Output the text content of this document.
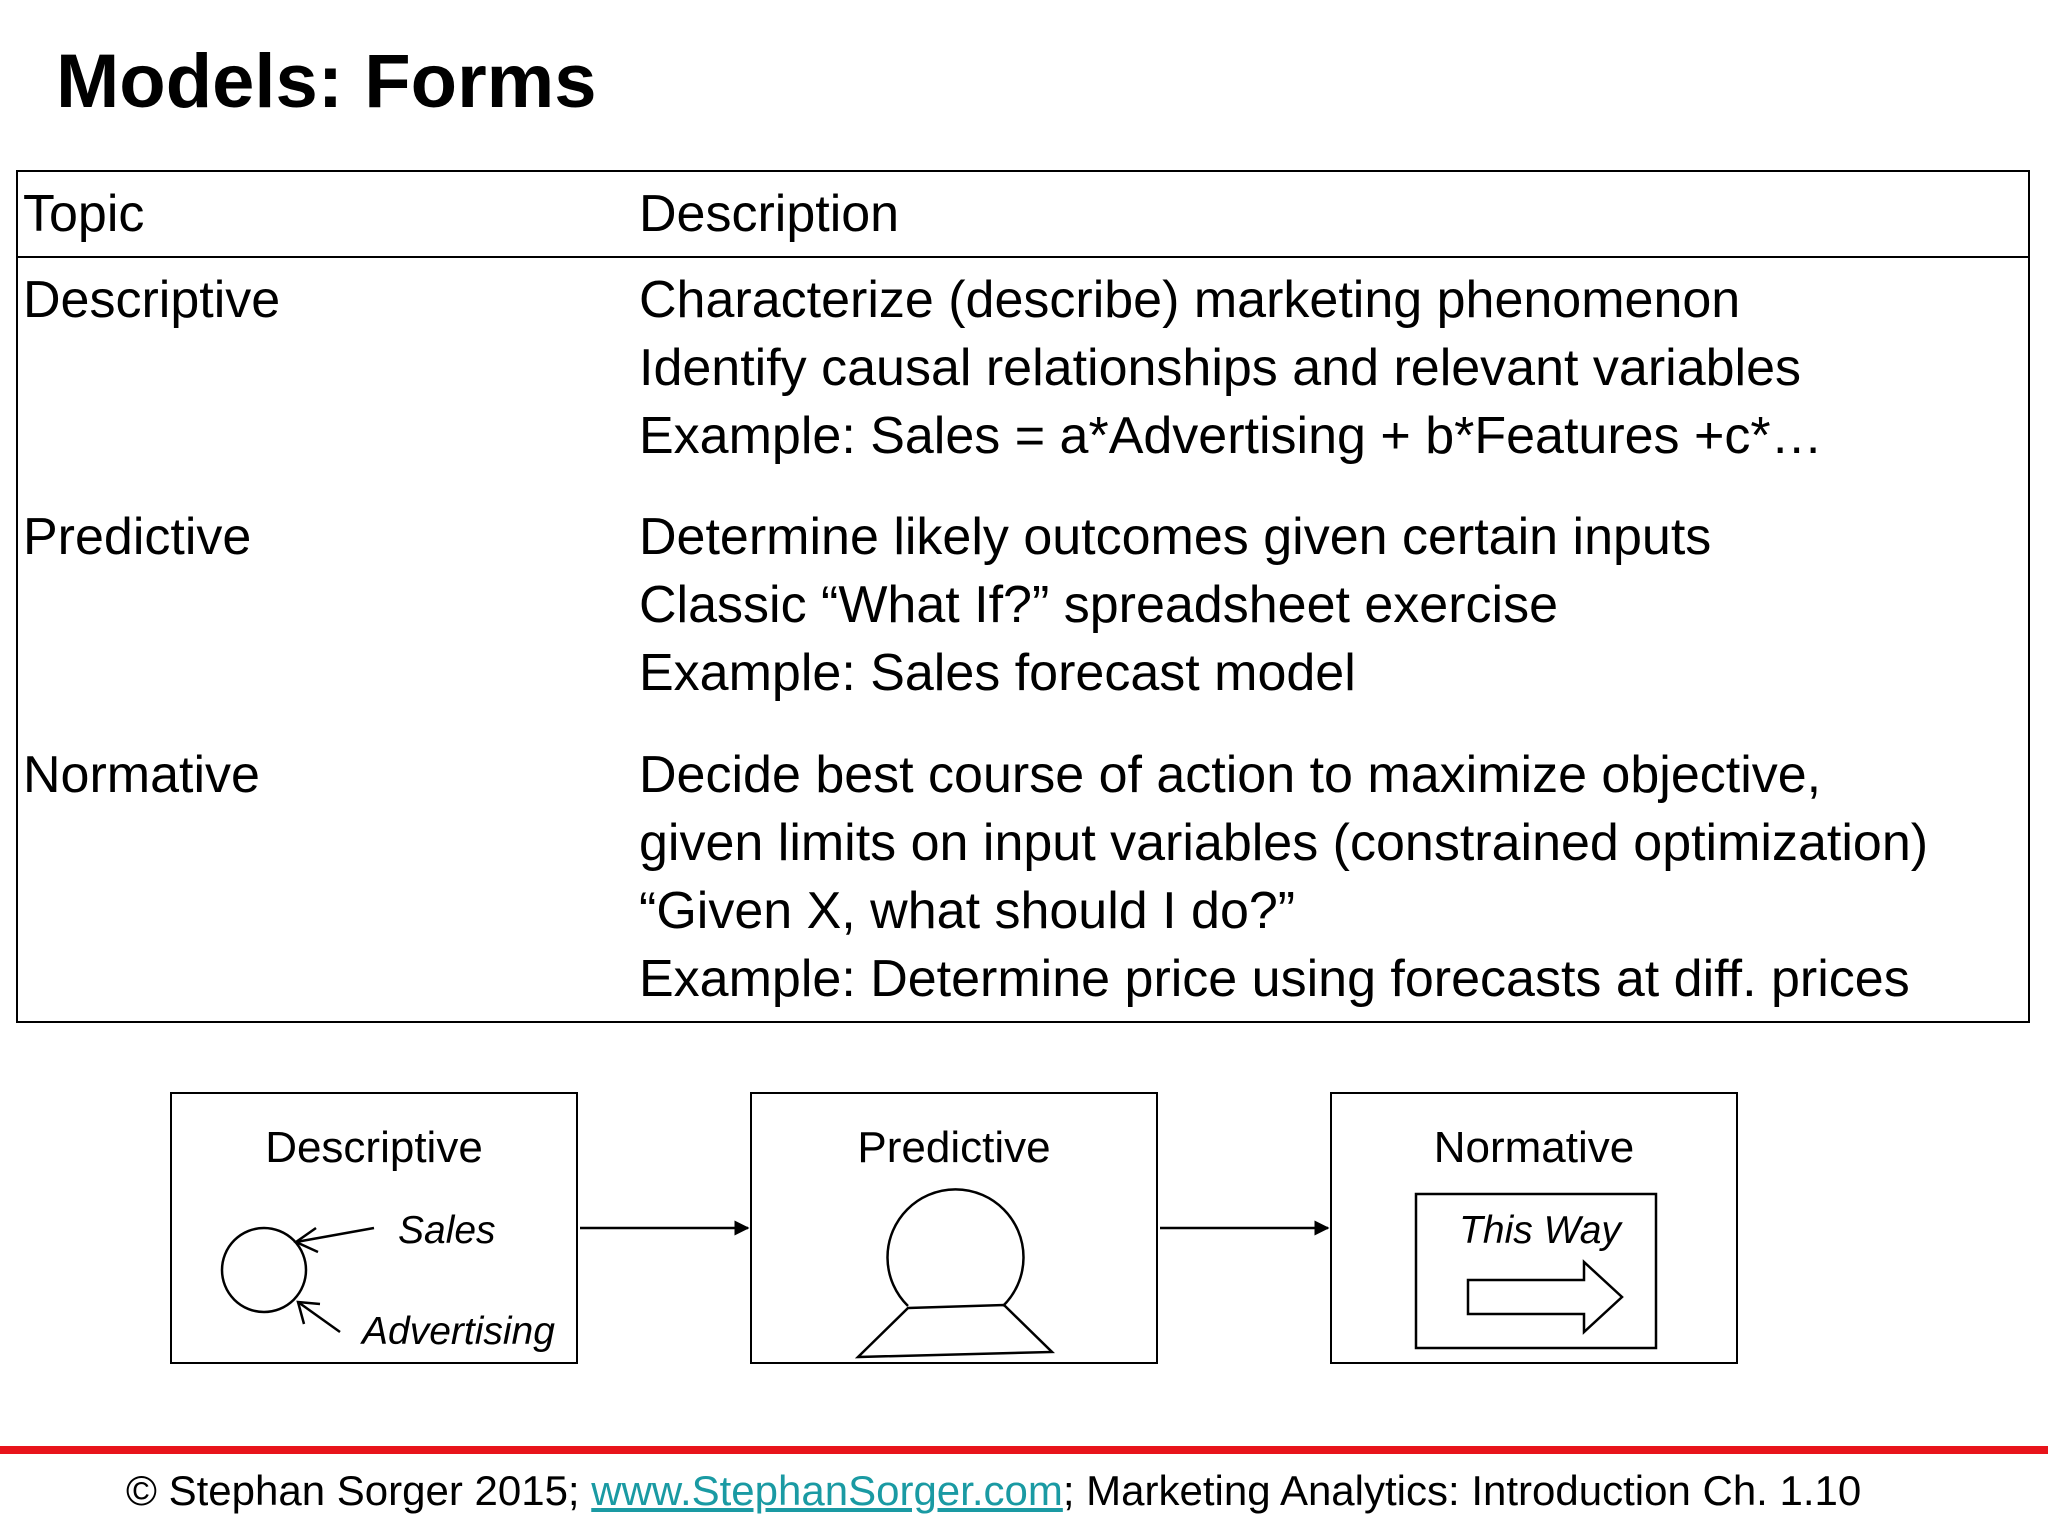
Models: Forms
Topic	Description
Descriptive	Characterize (describe) marketing phenomenon
Identify causal relationships and relevant variables
Example: Sales = a*Advertising + b*Features +c*…

Predictive	Determine likely outcomes given certain inputs
Classic “What If?” spreadsheet exercise
Example: Sales forecast model

Normative	Decide best course of action to maximize objective,
given limits on input variables (constrained optimization)
“Given X, what should I do?”
Example: Determine price using forecasts at diff. prices
Descriptive	Predictive	Normative
Sales
Advertising
This Way
© Stephan Sorger 2015; www.StephanSorger.com; Marketing Analytics: Introduction Ch. 1.10
